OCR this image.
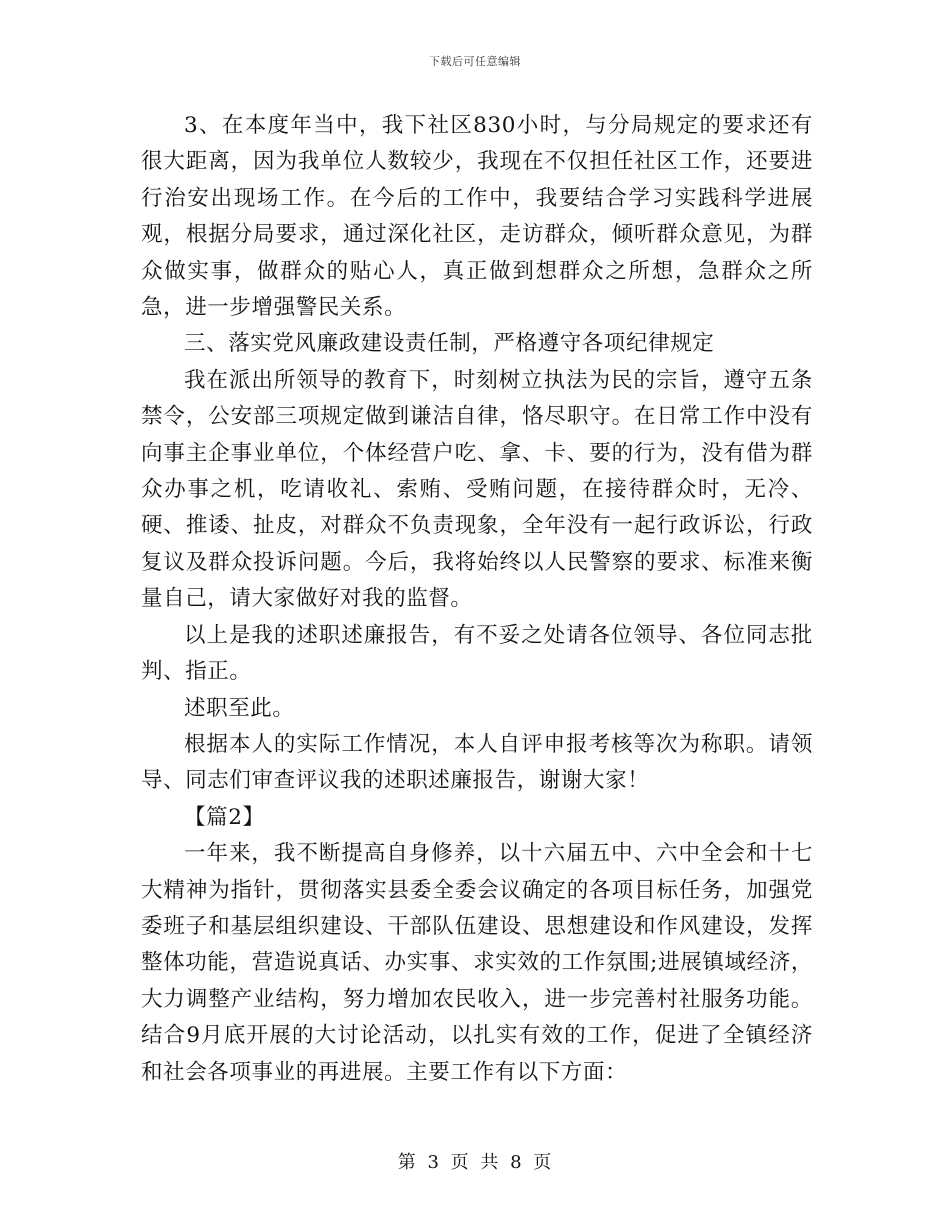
下载后可任意编辑

3、在本度年当中，我下社区830小时，与分局规定的要求还有很大距离，因为我单位人数较少，我现在不仅担任社区工作，还要进行治安出现场工作。在今后的工作中，我要结合学习实践科学进展观，根据分局要求，通过深化社区，走访群众，倾听群众意见，为群众做实事，做群众的贴心人，真正做到想群众之所想，急群众之所急，进一步增强警民关系。

三、落实党风廉政建设责任制，严格遵守各项纪律规定

我在派出所领导的教育下，时刻树立执法为民的宗旨，遵守五条禁令，公安部三项规定做到谦洁自律，恪尽职守。在日常工作中没有向事主企事业单位，个体经营户吃、拿、卡、要的行为，没有借为群众办事之机，吃请收礼、索贿、受贿问题，在接待群众时，无冷、硬、推诿、扯皮，对群众不负责现象，全年没有一起行政诉讼，行政复议及群众投诉问题。今后，我将始终以人民警察的要求、标准来衡量自己，请大家做好对我的监督。

以上是我的述职述廉报告，有不妥之处请各位领导、各位同志批判、指正。

述职至此。

根据本人的实际工作情况，本人自评申报考核等次为称职。请领导、同志们审查评议我的述职述廉报告，谢谢大家！

【篇2】

一年来，我不断提高自身修养，以十六届五中、六中全会和十七大精神为指针，贯彻落实县委全委会议确定的各项目标任务，加强党委班子和基层组织建设、干部队伍建设、思想建设和作风建设，发挥整体功能，营造说真话、办实事、求实效的工作氛围;进展镇域经济，大力调整产业结构，努力增加农民收入，进一步完善村社服务功能。结合9月底开展的大讨论活动，以扎实有效的工作，促进了全镇经济和社会各项事业的再进展。主要工作有以下方面：

第 3 页 共 8 页
